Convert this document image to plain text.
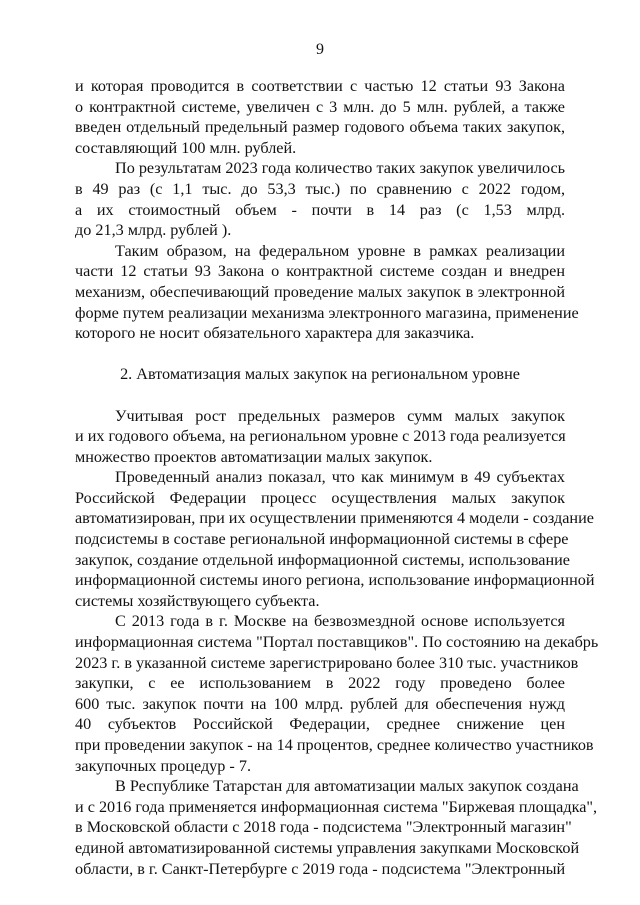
9
и которая проводится в соответствии с частью 12 статьи 93 Закона
о контрактной системе, увеличен с 3 млн. до 5 млн. рублей, а также
введен отдельный предельный размер годового объема таких закупок,
составляющий 100 млн. рублей.
По результатам 2023 года количество таких закупок увеличилось
в 49 раз (с 1,1 тыс. до 53,3 тыс.) по сравнению с 2022 годом,
а их стоимостный объем - почти в 14 раз (с 1,53 млрд.
до 21,3 млрд. рублей ).
Таким образом, на федеральном уровне в рамках реализации
части 12 статьи 93 Закона о контрактной системе создан и внедрен
механизм, обеспечивающий проведение малых закупок в электронной
форме путем реализации механизма электронного магазина, применение
которого не носит обязательного характера для заказчика.
2. Автоматизация малых закупок на региональном уровне
Учитывая рост предельных размеров сумм малых закупок
и их годового объема, на региональном уровне с 2013 года реализуется
множество проектов автоматизации малых закупок.
Проведенный анализ показал, что как минимум в 49 субъектах
Российской Федерации процесс осуществления малых закупок
автоматизирован, при их осуществлении применяются 4 модели - создание
подсистемы в составе региональной информационной системы в сфере
закупок, создание отдельной информационной системы, использование
информационной системы иного региона, использование информационной
системы хозяйствующего субъекта.
С 2013 года в г. Москве на безвозмездной основе используется
информационная система "Портал поставщиков". По состоянию на декабрь
2023 г. в указанной системе зарегистрировано более 310 тыс. участников
закупки, с ее использованием в 2022 году проведено более
600 тыс. закупок почти на 100 млрд. рублей для обеспечения нужд
40 субъектов Российской Федерации, среднее снижение цен
при проведении закупок - на 14 процентов, среднее количество участников
закупочных процедур - 7.
В Республике Татарстан для автоматизации малых закупок создана
и с 2016 года применяется информационная система "Биржевая площадка",
в Московской области с 2018 года - подсистема "Электронный магазин"
единой автоматизированной системы управления закупками Московской
области, в г. Санкт-Петербурге с 2019 года - подсистема "Электронный
